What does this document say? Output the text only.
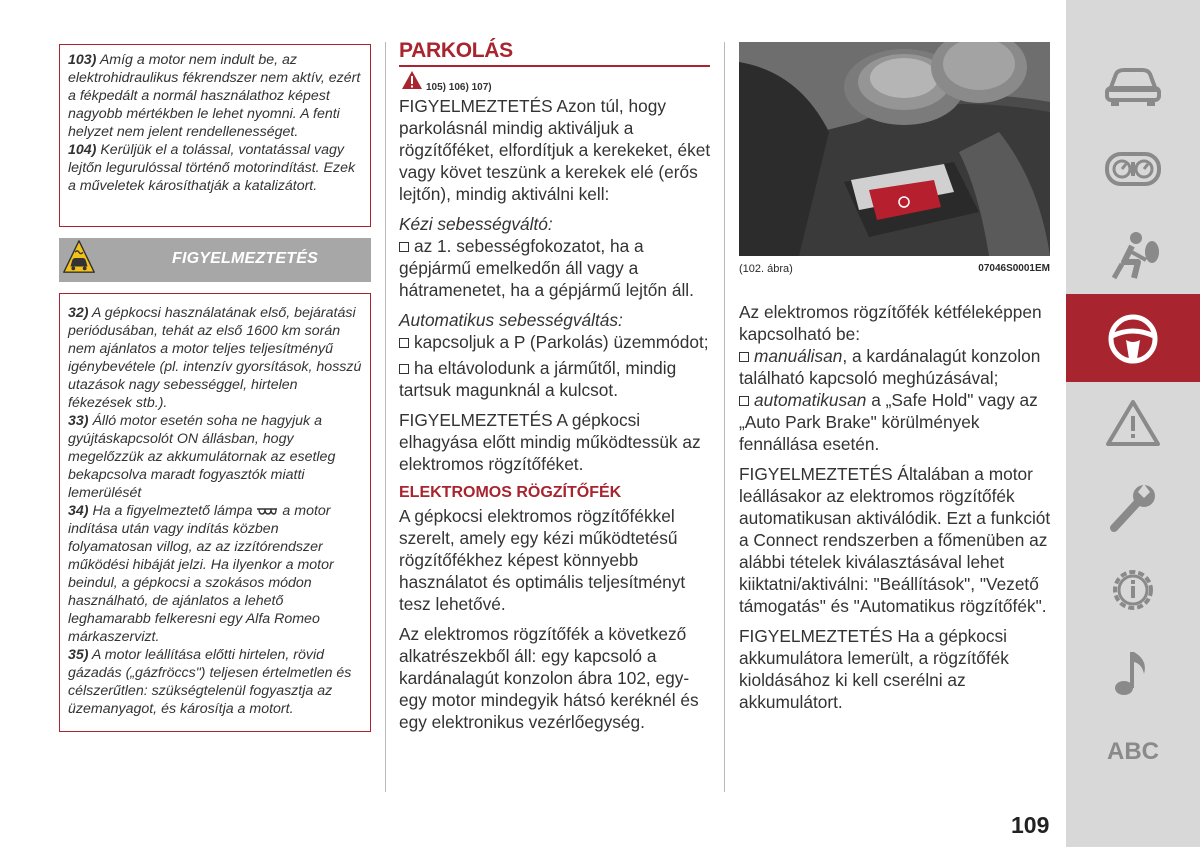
103) Amíg a motor nem indult be, az elektrohidraulikus fékrendszer nem aktív, ezért a fékpedált a normál használathoz képest nagyobb mértékben le lehet nyomni. A fenti helyzet nem jelent rendellenességet.

104) Kerüljük el a tolással, vontatással vagy lejtőn legurulóssal történő motorindítást. Ezek a műveletek károsíthatják a katalizátort.

FIGYELMEZTETÉS

32) A gépkocsi használatának első, bejáratási periódusában, tehát az első 1600 km során nem ajánlatos a motor teljes teljesítményű igénybevétele (pl. intenzív gyorsítások, hosszú utazások nagy sebességgel, hirtelen fékezések stb.).

33) Álló motor esetén soha ne hagyjuk a gyújtáskapcsolót ON állásban, hogy megelőzzük az akkumulátornak az esetleg bekapcsolva maradt fogyasztók miatti lemerülését

34) Ha a figyelmeztető lámpa  a motor indítása után vagy indítás közben folyamatosan villog, az az izzítórendszer működési hibáját jelzi. Ha ilyenkor a motor beindul, a gépkocsi a szokásos módon használható, de ajánlatos a lehető leghamarabb felkeresni egy Alfa Romeo márkaszervizt.

35) A motor leállítása előtti hirtelen, rövid gázadás („gázfröccs") teljesen értelmetlen és célszerűtlen: szükségtelenül fogyasztja az üzemanyagot, és károsítja a motort.

PARKOLÁS
105) 106) 107)

FIGYELMEZTETÉS Azon túl, hogy parkolásnál mindig aktiváljuk a rögzítőféket, elfordítjuk a kerekeket, éket vagy követ teszünk a kerekek elé (erős lejtőn), mindig aktiválni kell:

Kézi sebességváltó:

az 1. sebességfokozatot, ha a gépjármű emelkedőn áll vagy a hátramenetet, ha a gépjármű lejtőn áll.

Automatikus sebességváltás:

kapcsoljuk a P (Parkolás) üzemmódot;

ha eltávolodunk a járműtől, mindig tartsuk magunknál a kulcsot.

FIGYELMEZTETÉS A gépkocsi elhagyása előtt mindig működtessük az elektromos rögzítőféket.

ELEKTROMOS RÖGZÍTŐFÉK

A gépkocsi elektromos rögzítőfékkel szerelt, amely egy kézi működtetésű rögzítőfékhez képest könnyebb használatot és optimális teljesítményt tesz lehetővé.

Az elektromos rögzítőfék a következő alkatrészekből áll: egy kapcsoló a kardánalagút konzolon ábra 102, egy-egy motor mindegyik hátsó keréknél és egy elektronikus vezérlőegység.

(102. ábra)	07046S0001EM

Az elektromos rögzítőfék kétféleképpen kapcsolható be:

manuálisan, a kardánalagút konzolon található kapcsoló meghúzásával;

automatikusan a „Safe Hold" vagy az „Auto Park Brake" körülmények fennállása esetén.

FIGYELMEZTETÉS Általában a motor leállásakor az elektromos rögzítőfék automatikusan aktiválódik. Ezt a funkciót a Connect rendszerben a főmenüben az alábbi tételek kiválasztásával lehet kiiktatni/aktiválni: "Beállítások", "Vezető támogatás" és "Automatikus rögzítőfék".

FIGYELMEZTETÉS Ha a gépkocsi akkumulátora lemerült, a rögzítőfék kioldásához ki kell cserélni az akkumulátort.

109
ABC
